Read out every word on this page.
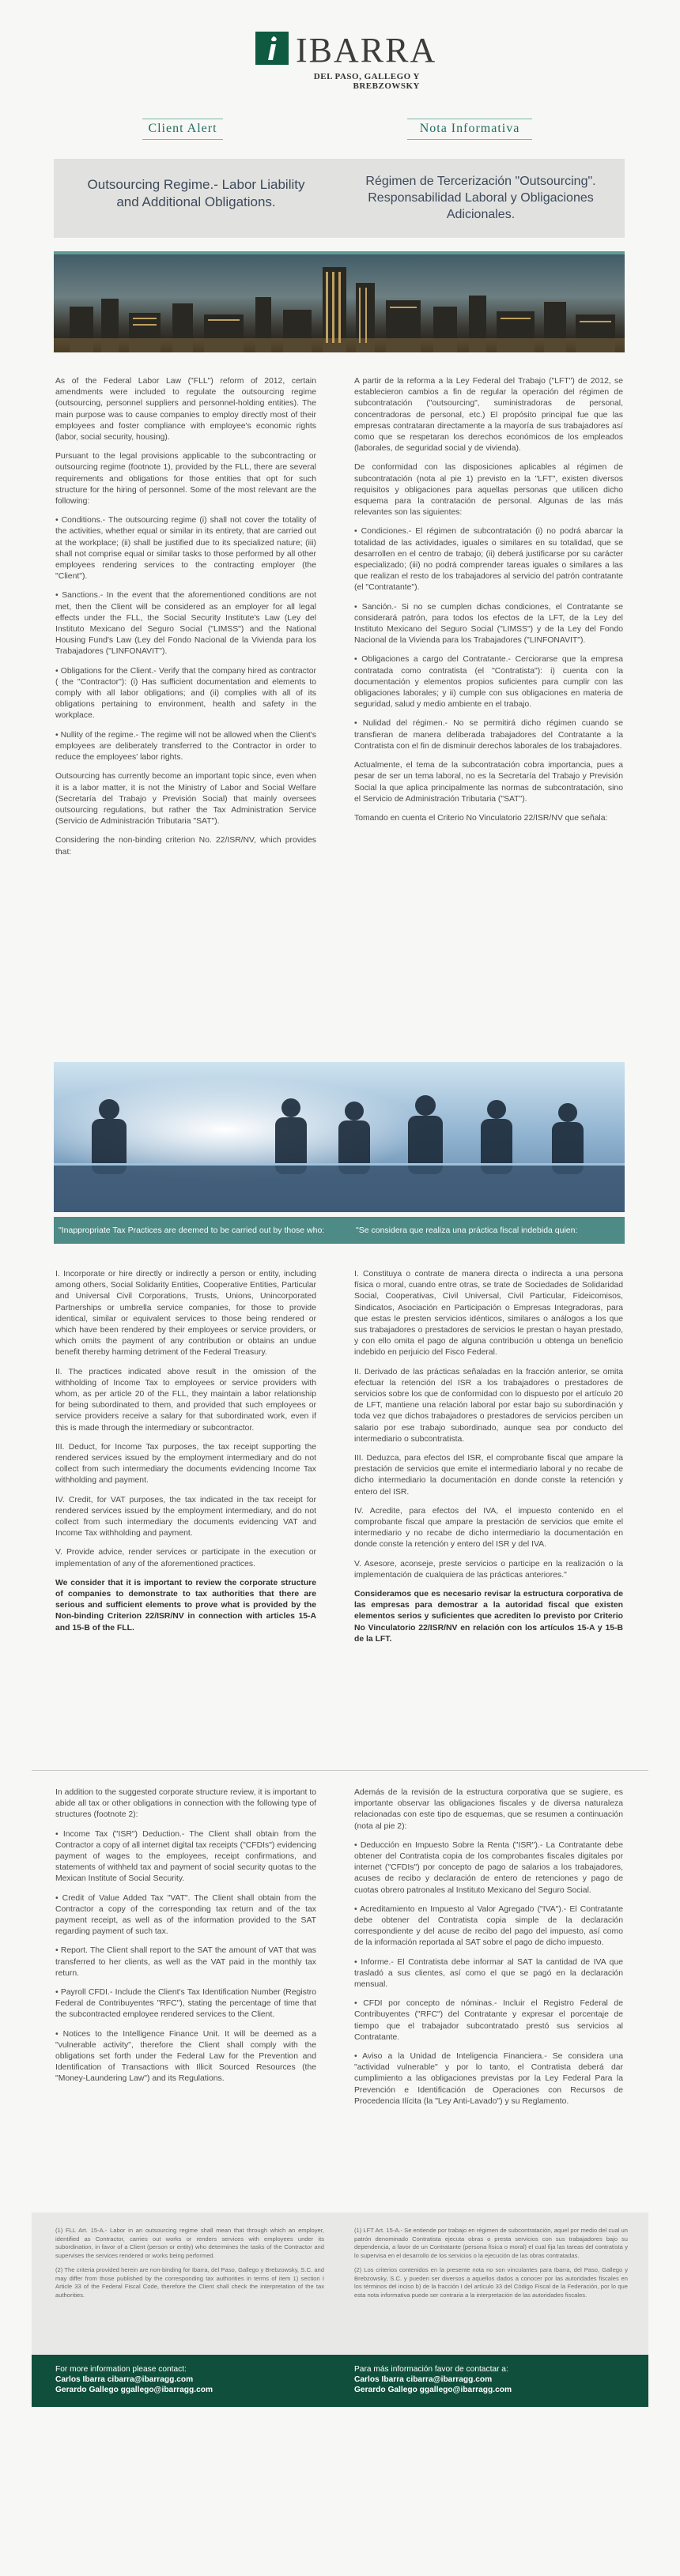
IBARRA
DEL PASO, GALLEGO Y BREBZOWSKY
Client Alert	Nota Informativa
Outsourcing Regime.- Labor Liability and Additional Obligations.
Régimen de Tercerización "Outsourcing". Responsabilidad Laboral y Obligaciones Adicionales.

As of the Federal Labor Law ("FLL") reform of 2012, certain amendments were included to regulate the outsourcing regime (outsourcing, personnel suppliers and personnel-holding entities). The main purpose was to cause companies to employ directly most of their employees and foster compliance with employee's economic rights (labor, social security, housing).

Pursuant to the legal provisions applicable to the subcontracting or outsourcing regime (footnote 1), provided by the FLL, there are several requirements and obligations for those entities that opt for such structure for the hiring of personnel. Some of the most relevant are the following:

• Conditions.- The outsourcing regime (i) shall not cover the totality of the activities, whether equal or similar in its entirety, that are carried out at the workplace; (ii) shall be justified due to its specialized nature; (iii) shall not comprise equal or similar tasks to those performed by all other employees rendering services to the contracting employer (the "Client").

• Sanctions.- In the event that the aforementioned conditions are not met, then the Client will be considered as an employer for all legal effects under the FLL, the Social Security Institute's Law (Ley del Instituto Mexicano del Seguro Social ("LIMSS") and the National Housing Fund's Law (Ley del Fondo Nacional de la Vivienda para los Trabajadores ("LINFONAVIT").

• Obligations for the Client.- Verify that the company hired as contractor ( the "Contractor"): (i) Has sufficient documentation and elements to comply with all labor obligations; and (ii) complies with all of its obligations pertaining to environment, health and safety in the workplace.

• Nullity of the regime.- The regime will not be allowed when the Client's employees are deliberately transferred to the Contractor in order to reduce the employees' labor rights.

Outsourcing has currently become an important topic since, even when it is a labor matter, it is not the Ministry of Labor and Social Welfare (Secretaría del Trabajo y Previsión Social) that mainly oversees outsourcing regulations, but rather the Tax Administration Service (Servicio de Administración Tributaria "SAT").

Considering the non-binding criterion No. 22/ISR/NV, which provides that:

A partir de la reforma a la Ley Federal del Trabajo ("LFT") de 2012, se establecieron cambios a fin de regular la operación del régimen de subcontratación ("outsourcing", suministradoras de personal, concentradoras de personal, etc.) El propósito principal fue que las empresas contrataran directamente a la mayoría de sus trabajadores así como que se respetaran los derechos económicos de los empleados (laborales, de seguridad social y de vivienda).

De conformidad con las disposiciones aplicables al régimen de subcontratación (nota al pie 1) previsto en la "LFT", existen diversos requisitos y obligaciones para aquellas personas que utilicen dicho esquema para la contratación de personal. Algunas de las más relevantes son las siguientes:

• Condiciones.- El régimen de subcontratación (i) no podrá abarcar la totalidad de las actividades, iguales o similares en su totalidad, que se desarrollen en el centro de trabajo; (ii) deberá justificarse por su carácter especializado; (iii) no podrá comprender tareas iguales o similares a las que realizan el resto de los trabajadores al servicio del patrón contratante (el "Contratante").

• Sanción.- Si no se cumplen dichas condiciones, el Contratante se considerará patrón, para todos los efectos de la LFT, de la Ley del Instituto Mexicano del Seguro Social ("LIMSS") y de la Ley del Fondo Nacional de la Vivienda para los Trabajadores ("LINFONAVIT").

• Obligaciones a cargo del Contratante.- Cerciorarse que la empresa contratada como contratista (el "Contratista"): i) cuenta con la documentación y elementos propios suficientes para cumplir con las obligaciones laborales; y ii) cumple con sus obligaciones en materia de seguridad, salud y medio ambiente en el trabajo.

• Nulidad del régimen.- No se permitirá dicho régimen cuando se transfieran de manera deliberada trabajadores del Contratante a la Contratista con el fin de disminuir derechos laborales de los trabajadores.

Actualmente, el tema de la subcontratación cobra importancia, pues a pesar de ser un tema laboral, no es la Secretaría del Trabajo y Previsión Social la que aplica principalmente las normas de subcontratación, sino el Servicio de Administración Tributaria ("SAT").

Tomando en cuenta el Criterio No Vinculatorio 22/ISR/NV que señala:

"Inappropriate Tax Practices are deemed to be carried out by those who:	"Se considera que realiza una práctica fiscal indebida quien:

I. Incorporate or hire directly or indirectly a person or entity, including among others, Social Solidarity Entities, Cooperative Entities, Particular and Universal Civil Corporations, Trusts, Unions, Unincorporated Partnerships or umbrella service companies, for those to provide identical, similar or equivalent services to those being rendered or which have been rendered by their employees or service providers, or which omits the payment of any contribution or obtains an undue benefit thereby harming detriment of the Federal Treasury.

II. The practices indicated above result in the omission of the withholding of Income Tax to employees or service providers with whom, as per article 20 of the FLL, they maintain a labor relationship for being subordinated to them, and provided that such employees or service providers receive a salary for that subordinated work, even if this is made through the intermediary or subcontractor.

III. Deduct, for Income Tax purposes, the tax receipt supporting the rendered services issued by the employment intermediary and do not collect from such intermediary the documents evidencing Income Tax withholding and payment.

IV. Credit, for VAT purposes, the tax indicated in the tax receipt for rendered services issued by the employment intermediary, and do not collect from such intermediary the documents evidencing VAT and Income Tax withholding and payment.

V. Provide advice, render services or participate in the execution or implementation of any of the aforementioned practices.

We consider that it is important to review the corporate structure of companies to demonstrate to tax authorities that there are serious and sufficient elements to prove what is provided by the Non-binding Criterion 22/ISR/NV in connection with articles 15-A and 15-B of the FLL.

I. Constituya o contrate de manera directa o indirecta a una persona física o moral, cuando entre otras, se trate de Sociedades de Solidaridad Social, Cooperativas, Civil Universal, Civil Particular, Fideicomisos, Sindicatos, Asociación en Participación o Empresas Integradoras, para que estas le presten servicios idénticos, similares o análogos a los que sus trabajadores o prestadores de servicios le prestan o hayan prestado, y con ello omita el pago de alguna contribución u obtenga un beneficio indebido en perjuicio del Fisco Federal.

II. Derivado de las prácticas señaladas en la fracción anterior, se omita efectuar la retención del ISR a los trabajadores o prestadores de servicios sobre los que de conformidad con lo dispuesto por el artículo 20 de LFT, mantiene una relación laboral por estar bajo su subordinación y toda vez que dichos trabajadores o prestadores de servicios perciben un salario por ese trabajo subordinado, aunque sea por conducto del intermediario o subcontratista.

III. Deduzca, para efectos del ISR, el comprobante fiscal que ampare la prestación de servicios que emite el intermediario laboral y no recabe de dicho intermediario la documentación en donde conste la retención y entero del ISR.

IV. Acredite, para efectos del IVA, el impuesto contenido en el comprobante fiscal que ampare la prestación de servicios que emite el intermediario y no recabe de dicho intermediario la documentación en donde conste la retención y entero del ISR y del IVA.

V. Asesore, aconseje, preste servicios o participe en la realización o la implementación de cualquiera de las prácticas anteriores."

Consideramos que es necesario revisar la estructura corporativa de las empresas para demostrar a la autoridad fiscal que existen elementos serios y suficientes que acrediten lo previsto por Criterio No Vinculatorio 22/ISR/NV en relación con los artículos 15-A y 15-B de la LFT.

In addition to the suggested corporate structure review, it is important to abide all tax or other obligations in connection with the following type of structures (footnote 2):

• Income Tax ("ISR") Deduction.- The Client shall obtain from the Contractor a copy of all internet digital tax receipts ("CFDIs") evidencing payment of wages to the employees, receipt confirmations, and statements of withheld tax and payment of social security quotas to the Mexican Institute of Social Security.

• Credit of Value Added Tax "VAT". The Client shall obtain from the Contractor a copy of the corresponding tax return and of the tax payment receipt, as well as of the information provided to the SAT regarding payment of such tax.

• Report. The Client shall report to the SAT the amount of VAT that was transferred to her clients, as well as the VAT paid in the monthly tax return.

• Payroll CFDI.- Include the Client's Tax Identification Number (Registro Federal de Contribuyentes "RFC"), stating the percentage of time that the subcontracted employee rendered services to the Client.

• Notices to the Intelligence Finance Unit. It will be deemed as a "vulnerable activity", therefore the Client shall comply with the obligations set forth under the Federal Law for the Prevention and Identification of Transactions with Illicit Sourced Resources (the "Money-Laundering Law") and its Regulations.

Además de la revisión de la estructura corporativa que se sugiere, es importante observar las obligaciones fiscales y de diversa naturaleza relacionadas con este tipo de esquemas, que se resumen a continuación (nota al pie 2):

• Deducción en Impuesto Sobre la Renta ("ISR").- La Contratante debe obtener del Contratista copia de los comprobantes fiscales digitales por internet ("CFDIs") por concepto de pago de salarios a los trabajadores, acuses de recibo y declaración de entero de retenciones y pago de cuotas obrero patronales al Instituto Mexicano del Seguro Social.

• Acreditamiento en Impuesto al Valor Agregado ("IVA").- El Contratante debe obtener del Contratista copia simple de la declaración correspondiente y del acuse de recibo del pago del impuesto, así como de la información reportada al SAT sobre el pago de dicho impuesto.

• Informe.- El Contratista debe informar al SAT la cantidad de IVA que trasladó a sus clientes, así como el que se pagó en la declaración mensual.

• CFDI por concepto de nóminas.- Incluir el Registro Federal de Contribuyentes ("RFC") del Contratante y expresar el porcentaje de tiempo que el trabajador subcontratado prestó sus servicios al Contratante.

• Aviso a la Unidad de Inteligencia Financiera.- Se considera una "actividad vulnerable" y por lo tanto, el Contratista deberá dar cumplimiento a las obligaciones previstas por la Ley Federal Para la Prevención e Identificación de Operaciones con Recursos de Procedencia Ilícita (la "Ley Anti-Lavado") y su Reglamento.

(1) FLL Art. 15-A.- Labor in an outsourcing regime shall mean that through which an employer, identified as Contractor, carries out works or renders services with employees under its subordination, in favor of a Client (person or entity) who determines the tasks of the Contractor and supervises the services rendered or works being performed.

(2) The criteria provided herein are non-binding for Ibarra, del Paso, Gallego y Brebzowsky, S.C. and may differ from those published by the corresponding tax authorities in terms of item 1) section I Article 33 of the Federal Fiscal Code, therefore the Client shall check the interpretation of the tax authorities.

(1) LFT Art. 15-A.- Se entiende por trabajo en régimen de subcontratación, aquel por medio del cual un patrón denominado Contratista ejecuta obras o presta servicios con sus trabajadores bajo su dependencia, a favor de un Contratante (persona física o moral) el cual fija las tareas del contratista y lo supervisa en el desarrollo de los servicios o la ejecución de las obras contratadas.

(2) Los criterios contenidos en la presente nota no son vinculantes para Ibarra, del Paso, Gallego y Brebzowsky, S.C. y pueden ser diversos a aquellos dados a conocer por las autoridades fiscales en los términos del inciso b) de la fracción I del artículo 33 del Código Fiscal de la Federación, por lo que esta nota informativa puede ser contraria a la interpretación de las autoridades fiscales.

For more information please contact:
Carlos Ibarra cibarra@ibarragg.com
Gerardo Gallego ggallego@ibarragg.com
Para más información favor de contactar a:
Carlos Ibarra cibarra@ibarragg.com
Gerardo Gallego ggallego@ibarragg.com
